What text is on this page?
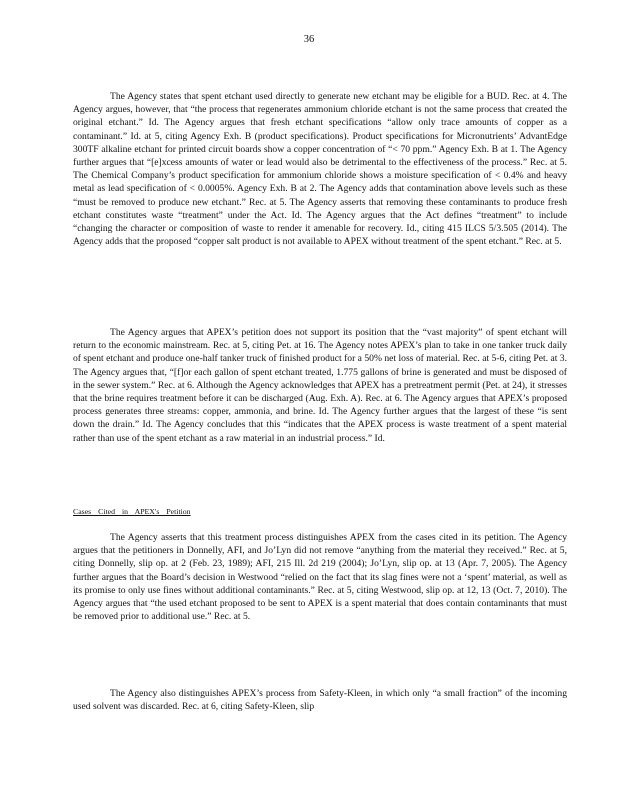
36

The Agency states that spent etchant used directly to generate new etchant may be eligible for a BUD. Rec. at 4. The Agency argues, however, that “the process that regenerates ammonium chloride etchant is not the same process that created the original etchant.” Id. The Agency argues that fresh etchant specifications “allow only trace amounts of copper as a contaminant.” Id. at 5, citing Agency Exh. B (product specifications). Product specifications for Micronutrients’ AdvantEdge 300TF alkaline etchant for printed circuit boards show a copper concentration of “< 70 ppm.” Agency Exh. B at 1. The Agency further argues that “[e]xcess amounts of water or lead would also be detrimental to the effectiveness of the process.” Rec. at 5. The Chemical Company’s product specification for ammonium chloride shows a moisture specification of < 0.4% and heavy metal as lead specification of < 0.0005%. Agency Exh. B at 2. The Agency adds that contamination above levels such as these “must be removed to produce new etchant.” Rec. at 5. The Agency asserts that removing these contaminants to produce fresh etchant constitutes waste “treatment” under the Act. Id. The Agency argues that the Act defines “treatment” to include “changing the character or composition of waste to render it amenable for recovery. Id., citing 415 ILCS 5/3.505 (2014). The Agency adds that the proposed “copper salt product is not available to APEX without treatment of the spent etchant.” Rec. at 5.

The Agency argues that APEX’s petition does not support its position that the “vast majority” of spent etchant will return to the economic mainstream. Rec. at 5, citing Pet. at 16. The Agency notes APEX’s plan to take in one tanker truck daily of spent etchant and produce one-half tanker truck of finished product for a 50% net loss of material. Rec. at 5-6, citing Pet. at 3. The Agency argues that, “[f]or each gallon of spent etchant treated, 1.775 gallons of brine is generated and must be disposed of in the sewer system.” Rec. at 6. Although the Agency acknowledges that APEX has a pretreatment permit (Pet. at 24), it stresses that the brine requires treatment before it can be discharged (Aug. Exh. A). Rec. at 6. The Agency argues that APEX’s proposed process generates three streams: copper, ammonia, and brine. Id. The Agency further argues that the largest of these “is sent down the drain.” Id. The Agency concludes that this “indicates that the APEX process is waste treatment of a spent material rather than use of the spent etchant as a raw material in an industrial process.” Id.

Cases Cited in APEX's Petition

The Agency asserts that this treatment process distinguishes APEX from the cases cited in its petition. The Agency argues that the petitioners in Donnelly, AFI, and Jo’Lyn did not remove “anything from the material they received.” Rec. at 5, citing Donnelly, slip op. at 2 (Feb. 23, 1989); AFI, 215 Ill. 2d 219 (2004); Jo’Lyn, slip op. at 13 (Apr. 7, 2005). The Agency further argues that the Board’s decision in Westwood “relied on the fact that its slag fines were not a ‘spent’ material, as well as its promise to only use fines without additional contaminants.” Rec. at 5, citing Westwood, slip op. at 12, 13 (Oct. 7, 2010). The Agency argues that “the used etchant proposed to be sent to APEX is a spent material that does contain contaminants that must be removed prior to additional use.” Rec. at 5.

The Agency also distinguishes APEX’s process from Safety-Kleen, in which only “a small fraction” of the incoming used solvent was discarded. Rec. at 6, citing Safety-Kleen, slip
